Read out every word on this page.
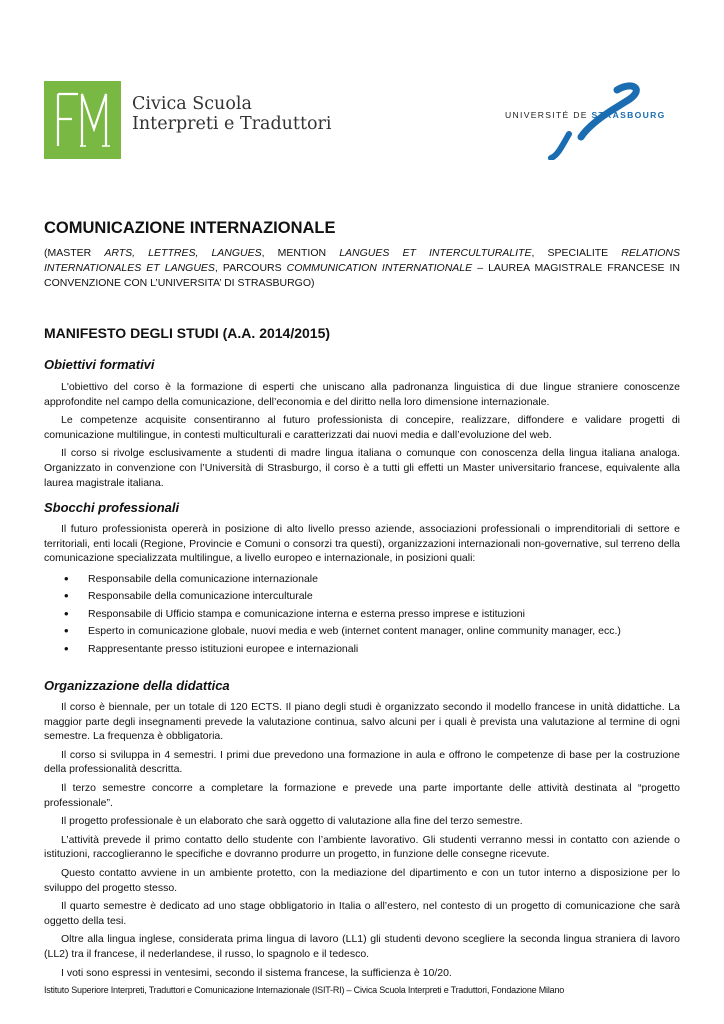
Civica Scuola
Interpreti e Traduttori	UNIVERSITÉ DE STRASBOURG
COMUNICAZIONE INTERNAZIONALE

(MASTER ARTS, LETTRES, LANGUES, MENTION LANGUES ET INTERCULTURALITE, SPECIALITE RELATIONS INTERNATIONALES ET LANGUES, PARCOURS COMMUNICATION INTERNATIONALE – LAUREA MAGISTRALE FRANCESE IN CONVENZIONE CON L’UNIVERSITA’ DI STRASBURGO)

MANIFESTO DEGLI STUDI (A.A. 2014/2015)
Obiettivi formativi

L'obiettivo del corso è la formazione di esperti che uniscano alla padronanza linguistica di due lingue straniere conoscenze approfondite nel campo della comunicazione, dell’economia e del diritto nella loro dimensione internazionale.

Le competenze acquisite consentiranno al futuro professionista di concepire, realizzare, diffondere e validare progetti di comunicazione multilingue, in contesti multiculturali e caratterizzati dai nuovi media e dall’evoluzione del web.

Il corso si rivolge esclusivamente a studenti di madre lingua italiana o comunque con conoscenza della lingua italiana analoga. Organizzato in convenzione con l’Università di Strasburgo, il corso è a tutti gli effetti un Master universitario francese, equivalente alla laurea magistrale italiana.

Sbocchi professionali

Il futuro professionista opererà in posizione di alto livello presso aziende, associazioni professionali o imprenditoriali di settore e territoriali, enti locali (Regione, Provincie e Comuni o consorzi tra questi), organizzazioni internazionali non-governative, sul terreno della comunicazione specializzata multilingue, a livello europeo e internazionale, in posizioni quali:

• Responsabile della comunicazione internazionale
• Responsabile della comunicazione interculturale
• Responsabile di Ufficio stampa e comunicazione interna e esterna presso imprese e istituzioni
• Esperto in comunicazione globale, nuovi media e web (internet content manager, online community manager, ecc.)
• Rappresentante presso istituzioni europee e internazionali
Organizzazione della didattica

Il corso è biennale, per un totale di 120 ECTS. Il piano degli studi è organizzato secondo il modello francese in unità didattiche. La maggior parte degli insegnamenti prevede la valutazione continua, salvo alcuni per i quali è prevista una valutazione al termine di ogni semestre. La frequenza è obbligatoria.

Il corso si sviluppa in 4 semestri. I primi due prevedono una formazione in aula e offrono le competenze di base per la costruzione della professionalità descritta.

Il terzo semestre concorre a completare la formazione e prevede una parte importante delle attività destinata al “progetto professionale”.

Il progetto professionale è un elaborato che sarà oggetto di valutazione alla fine del terzo semestre.

L’attività prevede il primo contatto dello studente con l’ambiente lavorativo. Gli studenti verranno messi in contatto con aziende o istituzioni, raccoglieranno le specifiche e dovranno produrre un progetto, in funzione delle consegne ricevute.

Questo contatto avviene in un ambiente protetto, con la mediazione del dipartimento e con un tutor interno a disposizione per lo sviluppo del progetto stesso.

Il quarto semestre è dedicato ad uno stage obbligatorio in Italia o all’estero, nel contesto di un progetto di comunicazione che sarà oggetto della tesi.

Oltre alla lingua inglese, considerata prima lingua di lavoro (LL1) gli studenti devono scegliere la seconda lingua straniera di lavoro (LL2) tra il francese, il nederlandese, il russo, lo spagnolo e il tedesco.

I voti sono espressi in ventesimi, secondo il sistema francese, la sufficienza è 10/20.

Istituto Superiore Interpreti, Traduttori e Comunicazione Internazionale (ISIT-RI) – Civica Scuola Interpreti e Traduttori, Fondazione Milano
